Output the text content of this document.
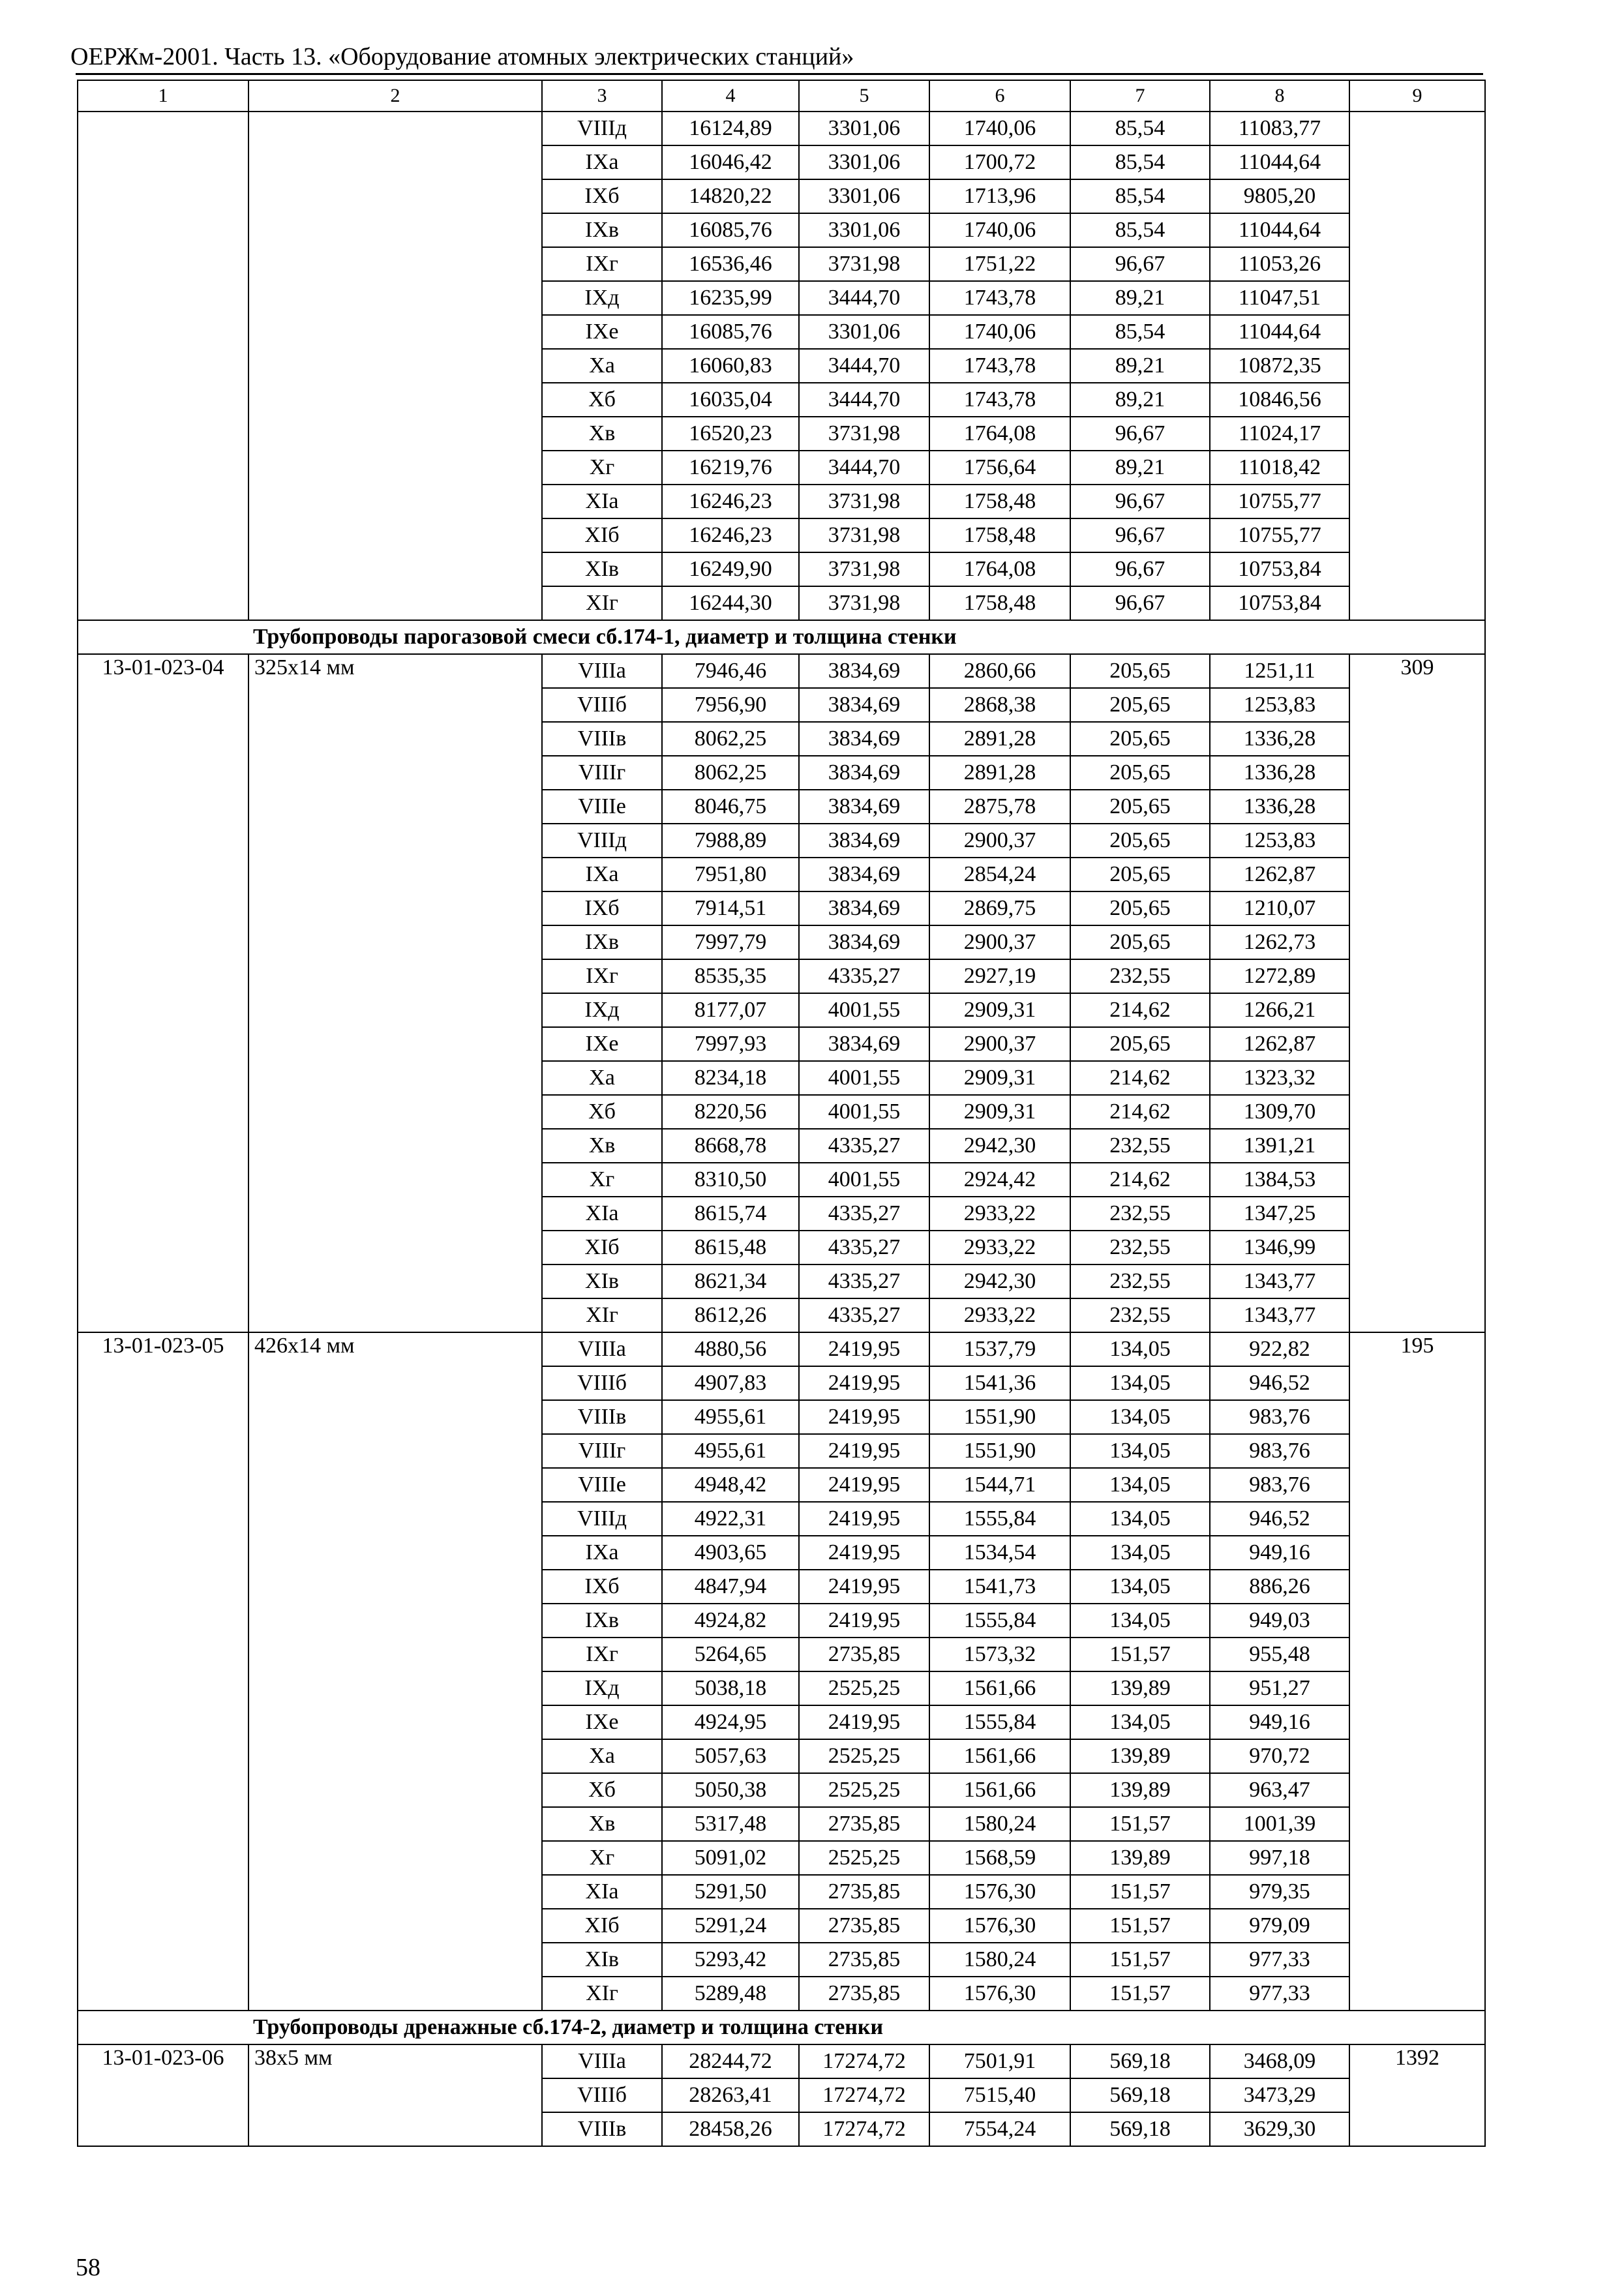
ОЕРЖм-2001. Часть 13. «Оборудование атомных электрических станций»
1	2	3	4	5	6	7	8	9
		VIIIд	16124,89	3301,06	1740,06	85,54	11083,77	
		IXа	16046,42	3301,06	1700,72	85,54	11044,64	
		IXб	14820,22	3301,06	1713,96	85,54	9805,20	
		IXв	16085,76	3301,06	1740,06	85,54	11044,64	
		IXг	16536,46	3731,98	1751,22	96,67	11053,26	
		IXд	16235,99	3444,70	1743,78	89,21	11047,51	
		IXе	16085,76	3301,06	1740,06	85,54	11044,64	
		Xа	16060,83	3444,70	1743,78	89,21	10872,35	
		Xб	16035,04	3444,70	1743,78	89,21	10846,56	
		Xв	16520,23	3731,98	1764,08	96,67	11024,17	
		Xг	16219,76	3444,70	1756,64	89,21	11018,42	
		XIа	16246,23	3731,98	1758,48	96,67	10755,77	
		XIб	16246,23	3731,98	1758,48	96,67	10755,77	
		XIв	16249,90	3731,98	1764,08	96,67	10753,84	
		XIг	16244,30	3731,98	1758,48	96,67	10753,84	
Трубопроводы парогазовой смеси сб.174-1, диаметр и толщина стенки								
13-01-023-04	325x14 мм	VIIIа	7946,46	3834,69	2860,66	205,65	1251,11	309
		VIIIб	7956,90	3834,69	2868,38	205,65	1253,83	
		VIIIв	8062,25	3834,69	2891,28	205,65	1336,28	
		VIIIг	8062,25	3834,69	2891,28	205,65	1336,28	
		VIIIе	8046,75	3834,69	2875,78	205,65	1336,28	
		VIIIд	7988,89	3834,69	2900,37	205,65	1253,83	
		IXа	7951,80	3834,69	2854,24	205,65	1262,87	
		IXб	7914,51	3834,69	2869,75	205,65	1210,07	
		IXв	7997,79	3834,69	2900,37	205,65	1262,73	
		IXг	8535,35	4335,27	2927,19	232,55	1272,89	
		IXд	8177,07	4001,55	2909,31	214,62	1266,21	
		IXе	7997,93	3834,69	2900,37	205,65	1262,87	
		Xа	8234,18	4001,55	2909,31	214,62	1323,32	
		Xб	8220,56	4001,55	2909,31	214,62	1309,70	
		Xв	8668,78	4335,27	2942,30	232,55	1391,21	
		Xг	8310,50	4001,55	2924,42	214,62	1384,53	
		XIа	8615,74	4335,27	2933,22	232,55	1347,25	
		XIб	8615,48	4335,27	2933,22	232,55	1346,99	
		XIв	8621,34	4335,27	2942,30	232,55	1343,77	
		XIг	8612,26	4335,27	2933,22	232,55	1343,77	
13-01-023-05	426x14 мм	VIIIа	4880,56	2419,95	1537,79	134,05	922,82	195
		VIIIб	4907,83	2419,95	1541,36	134,05	946,52	
		VIIIв	4955,61	2419,95	1551,90	134,05	983,76	
		VIIIг	4955,61	2419,95	1551,90	134,05	983,76	
		VIIIе	4948,42	2419,95	1544,71	134,05	983,76	
		VIIIд	4922,31	2419,95	1555,84	134,05	946,52	
		IXа	4903,65	2419,95	1534,54	134,05	949,16	
		IXб	4847,94	2419,95	1541,73	134,05	886,26	
		IXв	4924,82	2419,95	1555,84	134,05	949,03	
		IXг	5264,65	2735,85	1573,32	151,57	955,48	
		IXд	5038,18	2525,25	1561,66	139,89	951,27	
		IXе	4924,95	2419,95	1555,84	134,05	949,16	
		Xа	5057,63	2525,25	1561,66	139,89	970,72	
		Xб	5050,38	2525,25	1561,66	139,89	963,47	
		Xв	5317,48	2735,85	1580,24	151,57	1001,39	
		Xг	5091,02	2525,25	1568,59	139,89	997,18	
		XIа	5291,50	2735,85	1576,30	151,57	979,35	
		XIб	5291,24	2735,85	1576,30	151,57	979,09	
		XIв	5293,42	2735,85	1580,24	151,57	977,33	
		XIг	5289,48	2735,85	1576,30	151,57	977,33	
Трубопроводы дренажные сб.174-2, диаметр и толщина стенки								
13-01-023-06	38x5 мм	VIIIа	28244,72	17274,72	7501,91	569,18	3468,09	1392
		VIIIб	28263,41	17274,72	7515,40	569,18	3473,29	
		VIIIв	28458,26	17274,72	7554,24	569,18	3629,30	
58
